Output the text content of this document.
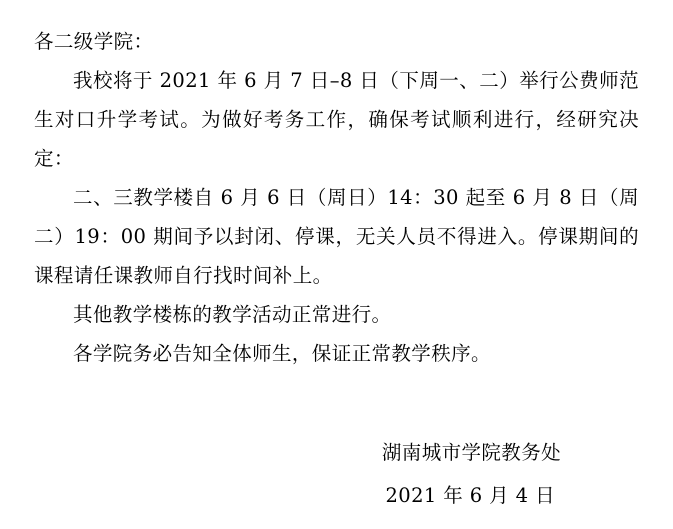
各二级学院：

我校将于 2021 年 6 月 7 日–8 日（下周一、二）举行公费师范生对口升学考试。为做好考务工作，确保考试顺利进行，经研究决定：

二、三教学楼自 6 月 6 日（周日）14：30 起至 6 月 8 日（周二）19：00 期间予以封闭、停课，无关人员不得进入。停课期间的课程请任课教师自行找时间补上。

其他教学楼栋的教学活动正常进行。

各学院务必告知全体师生，保证正常教学秩序。

湖南城市学院教务处

2021 年 6 月 4 日
